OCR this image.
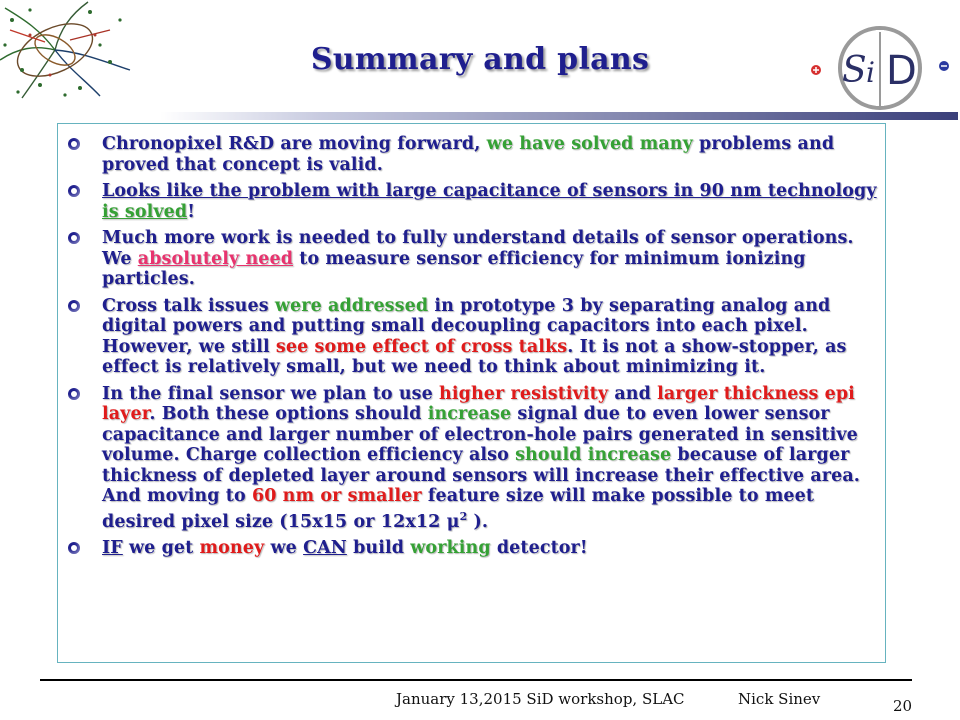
Summary and plans	S i D
Chronopixel R&D are moving forward, we have solved many problems and proved that concept is valid.
Looks like the problem with large capacitance of sensors in 90 nm technology is solved!
Much more work is needed to fully understand details of sensor operations. We absolutely need to measure sensor efficiency for minimum ionizing particles.
Cross talk issues were addressed in prototype 3 by separating analog and digital powers and putting small decoupling capacitors into each pixel. However, we still see some effect of cross talks. It is not a show-stopper, as effect is relatively small, but we need to think about minimizing it.
In the final sensor we plan to use higher resistivity and larger thickness epi layer. Both these options should increase signal due to even lower sensor capacitance and larger number of electron-hole pairs generated in sensitive volume. Charge collection efficiency also should increase because of larger thickness of depleted layer around sensors will increase their effective area. And moving to 60 nm or smaller feature size will make possible to meet desired pixel size (15x15 or 12x12 $\mu^2$ ).
IF we get money we CAN build working detector!
January 13,2015 SiD workshop, SLAC	Nick Sinev	20
